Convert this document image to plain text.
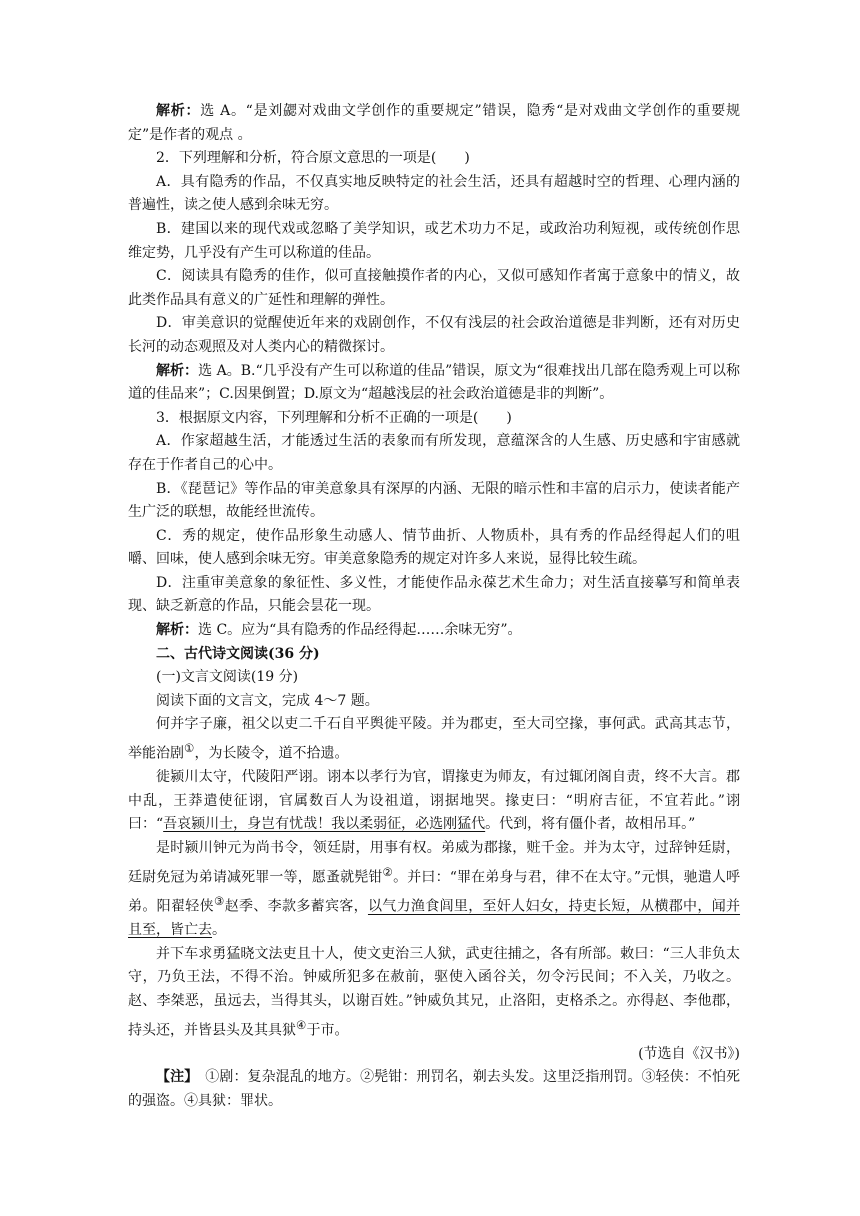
解析：选 A。“是刘勰对戏曲文学创作的重要规定”错误，隐秀“是对戏曲文学创作的重要规定”是作者的观点 。

2．下列理解和分析，符合原文意思的一项是(　　)

A．具有隐秀的作品，不仅真实地反映特定的社会生活，还具有超越时空的哲理、心理内涵的普遍性，读之使人感到余味无穷。

B．建国以来的现代戏或忽略了美学知识，或艺术功力不足，或政治功利短视，或传统创作思维定势，几乎没有产生可以称道的佳品。

C．阅读具有隐秀的佳作，似可直接触摸作者的内心，又似可感知作者寓于意象中的情义，故此类作品具有意义的广延性和理解的弹性。

D．审美意识的觉醒使近年来的戏剧创作，不仅有浅层的社会政治道德是非判断，还有对历史长河的动态观照及对人类内心的精微探讨。

解析：选 A。B.“几乎没有产生可以称道的佳品”错误，原文为“很难找出几部在隐秀观上可以称道的佳品来”；C.因果倒置；D.原文为“超越浅层的社会政治道德是非的判断”。

3．根据原文内容，下列理解和分析不正确的一项是(　　)

A．作家超越生活，才能透过生活的表象而有所发现，意蕴深含的人生感、历史感和宇宙感就存在于作者自己的心中。

B．《琵琶记》等作品的审美意象具有深厚的内涵、无限的暗示性和丰富的启示力，使读者能产生广泛的联想，故能经世流传。

C．秀的规定，使作品形象生动感人、情节曲折、人物质朴，具有秀的作品经得起人们的咀嚼、回味，使人感到余味无穷。审美意象隐秀的规定对许多人来说，显得比较生疏。

D．注重审美意象的象征性、多义性，才能使作品永葆艺术生命力；对生活直接摹写和简单表现、缺乏新意的作品，只能会昙花一现。

解析：选 C。应为“具有隐秀的作品经得起……余味无穷”。

二、古代诗文阅读(36 分)

(一)文言文阅读(19 分)

阅读下面的文言文，完成 4～7 题。

何并字子廉，祖父以吏二千石自平舆徙平陵。并为郡吏，至大司空掾，事何武。武高其志节，举能治剧①，为长陵令，道不拾遗。

徙颍川太守，代陵阳严诩。诩本以孝行为官，谓掾吏为师友，有过辄闭阁自责，终不大言。郡中乱，王莽遣使征诩，官属数百人为设祖道，诩据地哭。掾吏曰：“明府吉征，不宜若此。”诩曰：“吾哀颍川士，身岂有忧哉！我以柔弱征，必选刚猛代。代到，将有僵仆者，故相吊耳。”

是时颍川钟元为尚书令，领廷尉，用事有权。弟威为郡掾，赃千金。并为太守，过辞钟廷尉，廷尉免冠为弟请减死罪一等，愿蚤就髡钳②。并曰：“罪在弟身与君，律不在太守。”元惧，驰遣人呼弟。阳翟轻侠③赵季、李款多蓄宾客，以气力渔食闾里，至奸人妇女，持吏长短，从横郡中，闻并且至，皆亡去。

并下车求勇猛晓文法吏且十人，使文吏治三人狱，武吏往捕之，各有所部。敕曰：“三人非负太守，乃负王法，不得不治。钟威所犯多在赦前，驱使入函谷关，勿令污民间；不入关，乃收之。赵、李桀恶，虽远去，当得其头，以谢百姓。”钟威负其兄，止洛阳，吏格杀之。亦得赵、李他郡，持头还，并皆县头及其具狱④于市。

(节选自《汉书》)

【注】　①剧：复杂混乱的地方。②髡钳：刑罚名，剃去头发。这里泛指刑罚。③轻侠：不怕死的强盗。④具狱：罪状。
